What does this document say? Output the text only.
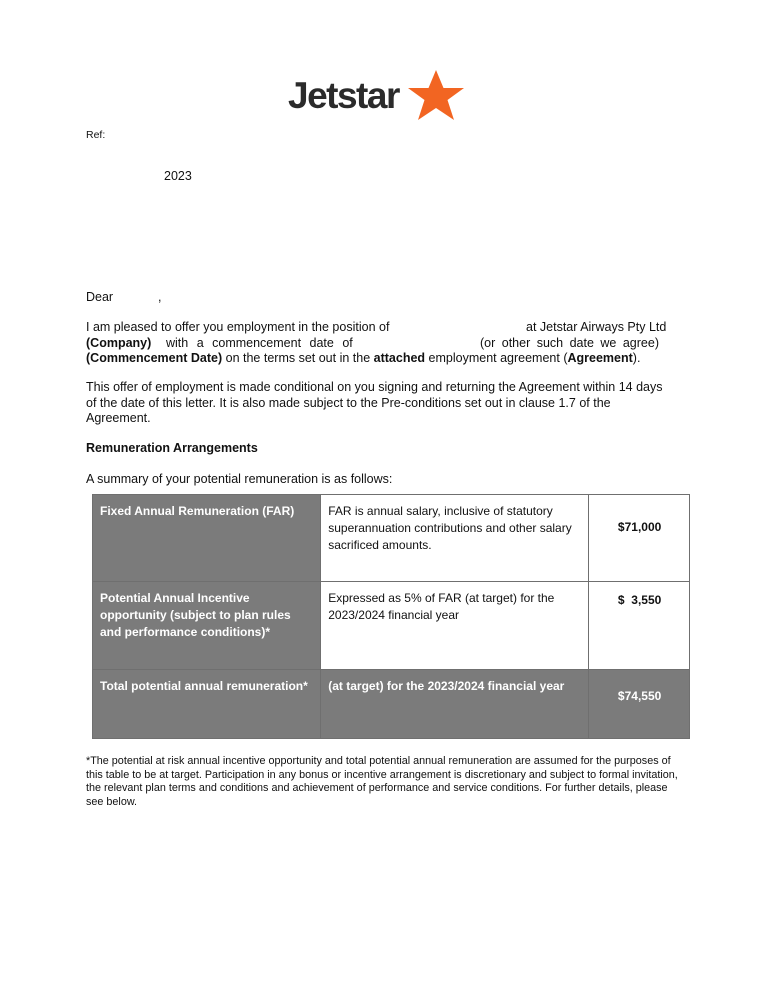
Jetstar
Ref:
2023
Dear	,
I am pleased to offer you employment in the position of	at Jetstar Airways Pty Ltd
(Company) with a commencement date of	(or other such date we agree)
(Commencement Date) on the terms set out in the attached employment agreement (Agreement).
This offer of employment is made conditional on you signing and returning the Agreement within 14 days of the date of this letter. It is also made subject to the Pre-conditions set out in clause 1.7 of the Agreement.
Remuneration Arrangements
A summary of your potential remuneration is as follows:
Fixed Annual Remuneration (FAR)	FAR is annual salary, inclusive of statutory superannuation contributions and other salary sacrificed amounts.	$71,000

Potential Annual Incentive opportunity (subject to plan rules and performance conditions)*	Expressed as 5% of FAR (at target) for the 2023/2024 financial year	$  3,550

Total potential annual remuneration*	(at target) for the 2023/2024 financial year	$74,550
*The potential at risk annual incentive opportunity and total potential annual remuneration are assumed for the purposes of this table to be at target. Participation in any bonus or incentive arrangement is discretionary and subject to formal invitation, the relevant plan terms and conditions and achievement of performance and service conditions. For further details, please see below.
